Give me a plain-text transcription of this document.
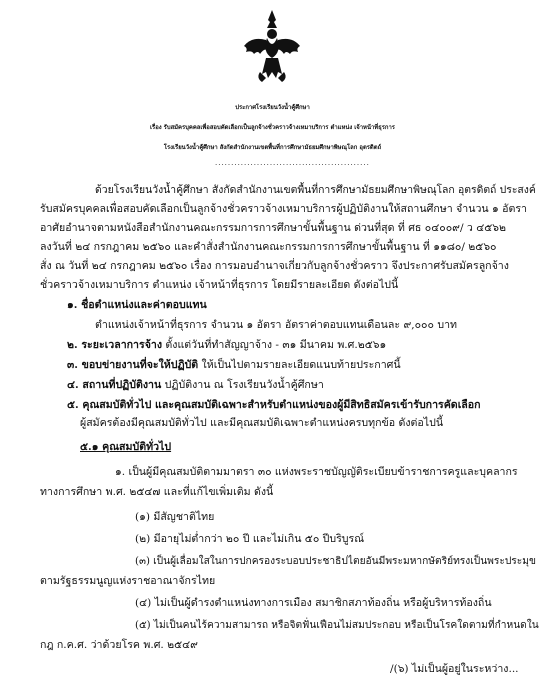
ประกาศโรงเรียนวังน้ำคู้ศึกษา
เรื่อง รับสมัครบุคคลเพื่อสอบคัดเลือกเป็นลูกจ้างชั่วคราวจ้างเหมาบริการ ตำแหน่ง เจ้าหน้าที่ธุรการ
โรงเรียนวังน้ำคู้ศึกษา สังกัดสำนักงานเขตพื้นที่การศึกษามัธยมศึกษาพิษณุโลก อุตรดิตถ์
................................................
ด้วยโรงเรียนวังน้ำคู้ศึกษา สังกัดสำนักงานเขตพื้นที่การศึกษามัธยมศึกษาพิษณุโลก อุตรดิตถ์ ประสงค์
รับสมัครบุคคลเพื่อสอบคัดเลือกเป็นลูกจ้างชั่วคราวจ้างเหมาบริการผู้ปฏิบัติงานให้สถานศึกษา จำนวน ๑ อัตรา
อาศัยอำนาจตามหนังสือสำนักงานคณะกรรมการการศึกษาขั้นพื้นฐาน ด่วนที่สุด ที่ ศธ ๐๔๐๐๙/ ว ๔๕๖๒
ลงวันที่ ๒๔ กรกฎาคม ๒๕๖๐ และคำสั่งสำนักงานคณะกรรมการการศึกษาขั้นพื้นฐาน ที่ ๑๑๘๐/ ๒๕๖๐
สั่ง ณ วันที่ ๒๔ กรกฎาคม ๒๕๖๐ เรื่อง การมอบอำนาจเกี่ยวกับลูกจ้างชั่วคราว จึงประกาศรับสมัครลูกจ้าง
ชั่วคราวจ้างเหมาบริการ ตำแหน่ง เจ้าหน้าที่ธุรการ โดยมีรายละเอียด ดังต่อไปนี้
๑. ชื่อตำแหน่งและค่าตอบแทน
ตำแหน่งเจ้าหน้าที่ธุรการ จำนวน ๑ อัตรา อัตราค่าตอบแทนเดือนละ ๙,๐๐๐ บาท
๒. ระยะเวลาการจ้าง ตั้งแต่วันที่ทำสัญญาจ้าง - ๓๑ มีนาคม พ.ศ.๒๕๖๑
๓. ขอบข่ายงานที่จะให้ปฏิบัติ ให้เป็นไปตามรายละเอียดแนบท้ายประกาศนี้
๔. สถานที่ปฏิบัติงาน ปฏิบัติงาน ณ โรงเรียนวังน้ำคู้ศึกษา
๕. คุณสมบัติทั่วไป และคุณสมบัติเฉพาะสำหรับตำแหน่งของผู้มีสิทธิสมัครเข้ารับการคัดเลือก
ผู้สมัครต้องมีคุณสมบัติทั่วไป และมีคุณสมบัติเฉพาะตำแหน่งครบทุกข้อ ดังต่อไปนี้
๕.๑ คุณสมบัติทั่วไป
๑. เป็นผู้มีคุณสมบัติตามมาตรา ๓๐ แห่งพระราชบัญญัติระเบียบข้าราชการครูและบุคลากร
ทางการศึกษา พ.ศ. ๒๕๔๗ และที่แก้ไขเพิ่มเติม ดังนี้
(๑) มีสัญชาติไทย
(๒) มีอายุไม่ต่ำกว่า ๒๐ ปี และไม่เกิน ๕๐ ปีบริบูรณ์
(๓) เป็นผู้เลื่อมใสในการปกครองระบอบประชาธิปไตยอันมีพระมหากษัตริย์ทรงเป็นพระประมุข
ตามรัฐธรรมนูญแห่งราชอาณาจักรไทย
(๔) ไม่เป็นผู้ดำรงตำแหน่งทางการเมือง สมาชิกสภาท้องถิ่น หรือผู้บริหารท้องถิ่น
(๕) ไม่เป็นคนไร้ความสามารถ หรือจิตฟั่นเฟือนไม่สมประกอบ หรือเป็นโรคใดตามที่กำหนดใน
กฎ ก.ค.ศ. ว่าด้วยโรค พ.ศ. ๒๕๔๙
/(๖) ไม่เป็นผู้อยู่ในระหว่าง...
